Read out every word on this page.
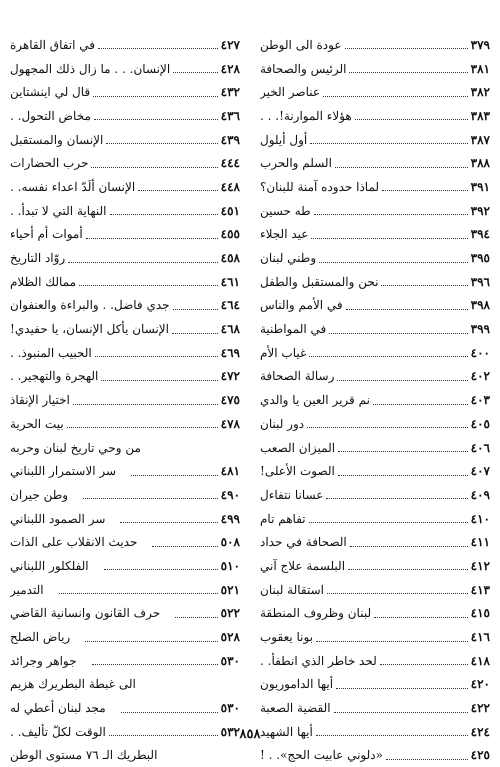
عودة الى الوطن	٣٧٩
الرئيس والصحافة	٣٨١
عناصر الخير	٣٨٢
هؤلاء الموارنة!. . .	٣٨٣
أول أيلول	٣٨٧
السلم والحرب	٣٨٨
لماذا حدوده آمنة للبنان؟	٣٩١
طه حسين	٣٩٢
عيد الجلاء	٣٩٤
وطني لبنان	٣٩٥
نحن والمستقبل والطفل	٣٩٦
في الأمم والناس	٣٩٨
في المواطنية	٣٩٩
غياب الأم	٤٠٠
رسالة الصحافة	٤٠٢
نم قرير العين يا والدي	٤٠٣
دور لبنان	٤٠٥
الميزان الصعب	٤٠٦
الصوت الأعلى!	٤٠٧
عسانا نتفاءل	٤٠٩
تفاهم تام	٤١٠
الصحافة في حداد	٤١١
البلسمة علاج آني	٤١٢
استقالة لبنان	٤١٣
لبنان وظروف المنطقة	٤١٥
بونا يعقوب	٤١٦
لحد خاطر الذي انطفأ. .	٤١٨
أيها الداموريون	٤٢٠
القضية الصعبة	٤٢٢
أيها الشهيد	٤٢٤
«دلوني عابيت الحج». . !	٤٢٥
في اتفاق القاهرة	٤٢٧
الإنسان. . . ما زال ذلك المجهول	٤٢٨
قال لي اينشتاين	٤٣٢
مخاض التحول. .	٤٣٦
الإنسان والمستقبل	٤٣٩
حرب الحضارات	٤٤٤
الإنسان ألَدّ اعداء نفسه. .	٤٤٨
النهاية التي لا تبدأ. .	٤٥١
أموات أم أحياء	٤٥٥
روّاد التاريخ	٤٥٨
ممالك الظلام	٤٦١
جدي فاضل. . والبراءة والعنفوان	٤٦٤
الإنسان يأكل الإنسان، يا حفيدي!	٤٦٨
الحبيب المنبوذ. .	٤٦٩
الهجرة والتهجير. .	٤٧٢
اختيار الإنقاذ	٤٧٥
بيت الحرية	٤٧٨
من وحي تاريخ لبنان وحربه
سر الاستمرار اللبناني	٤٨١
وطن جيران	٤٩٠
سر الصمود اللبناني	٤٩٩
حديث الانقلاب على الذات	٥٠٨
الفلكلور اللبناني	٥١٠
التدمير	٥٢١
حرف القانون وانسانية القاضي	٥٢٢
رياض الصلح	٥٢٨
جواهر وجرائد	٥٣٠
الى غبطة البطريرك هزيم
مجد لبنان أعطي له	٥٣٠
الوقت لكلّ تأليف. .	٥٣٢
البطريك الـ ٧٦ مستوى الوطن
٨٥٨
